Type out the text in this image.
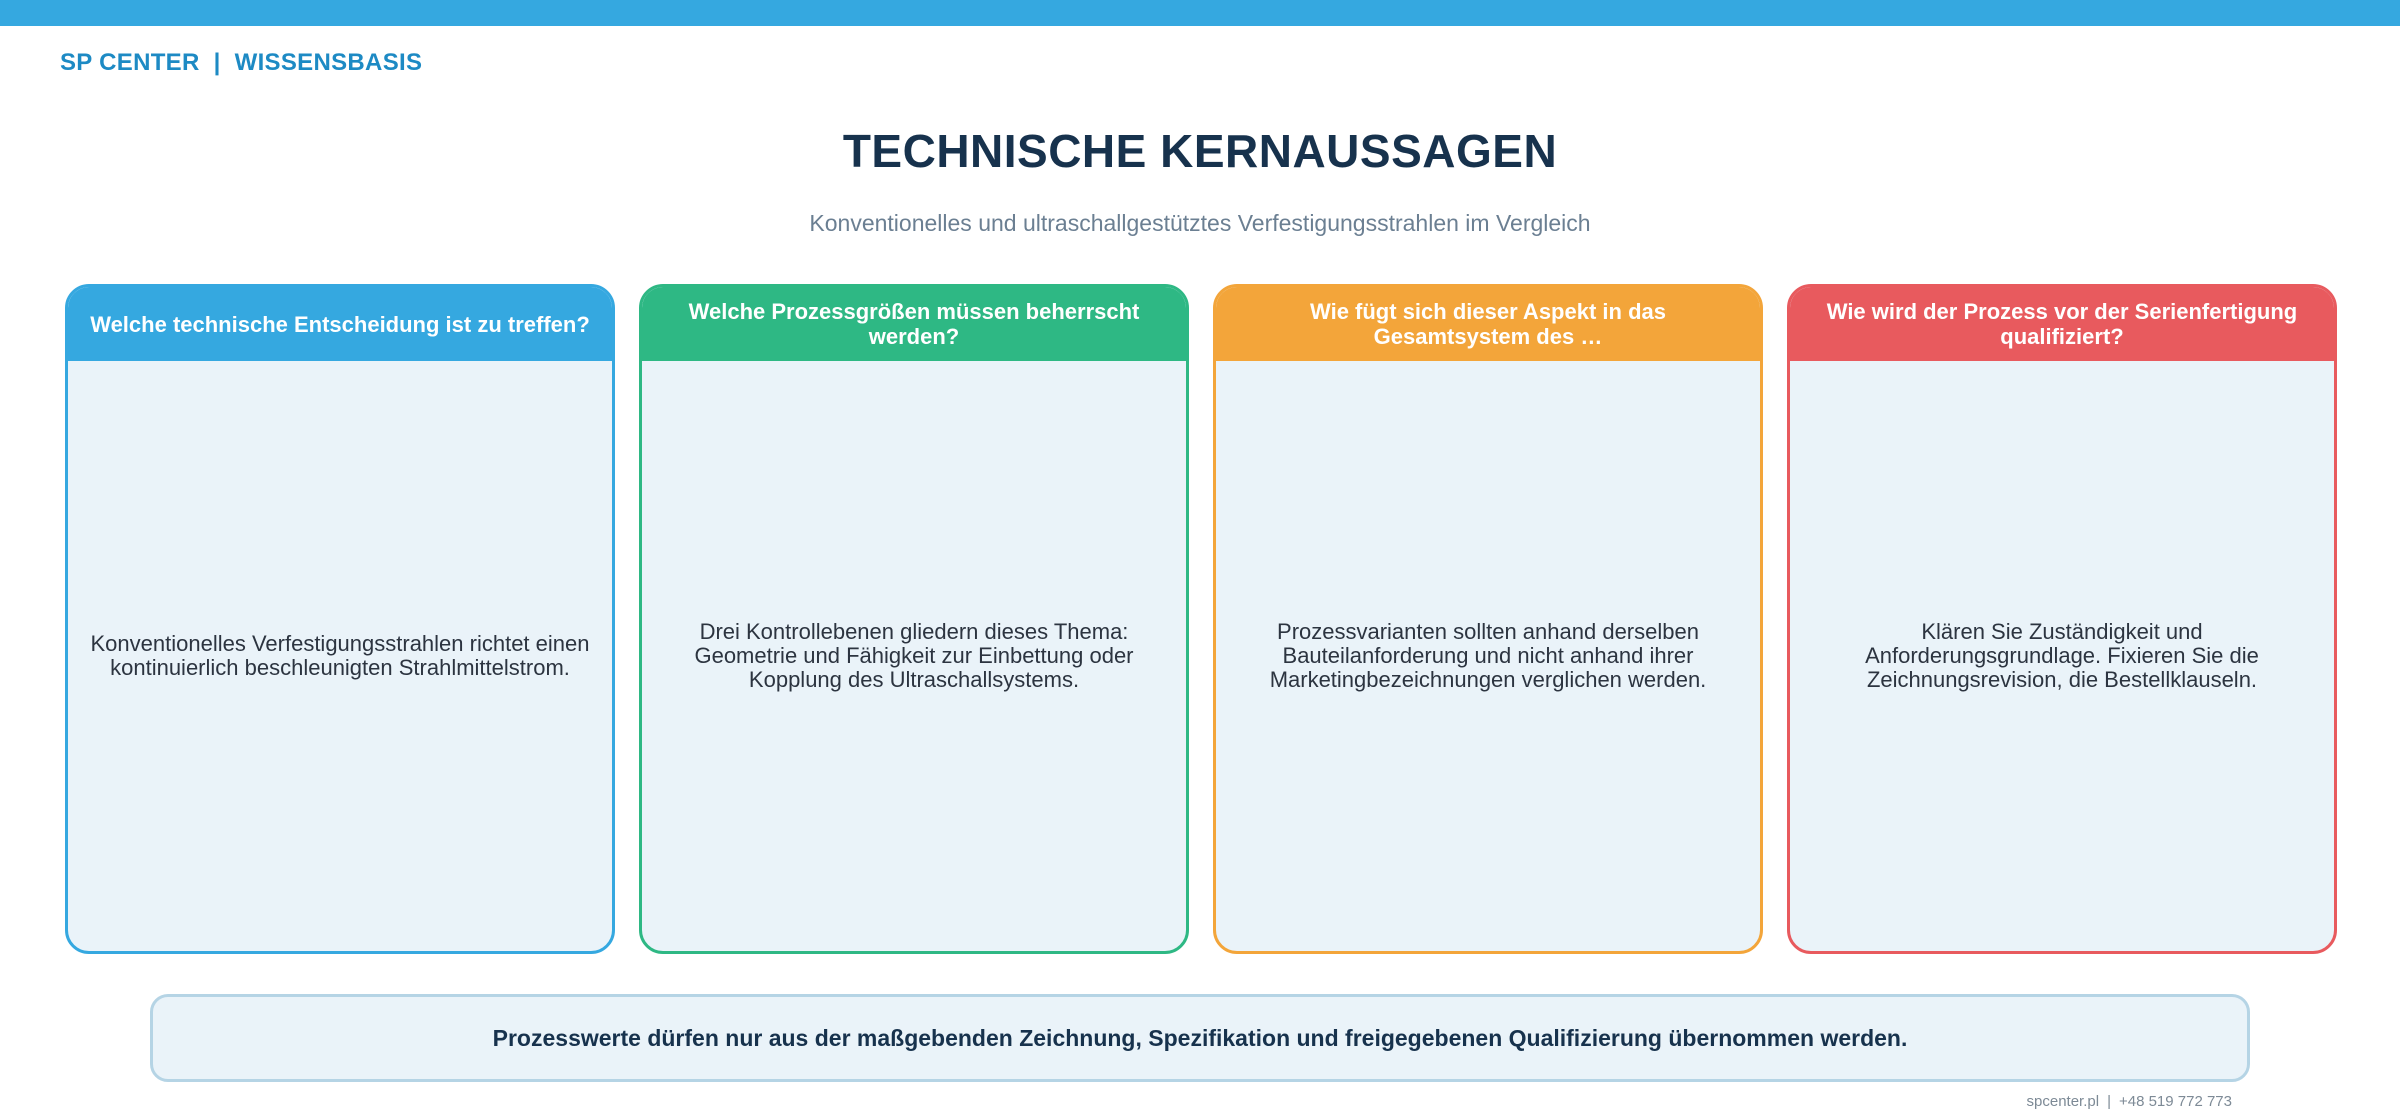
SP CENTER | WISSENSBASIS
TECHNISCHE KERNAUSSAGEN
Konventionelles und ultraschallgestütztes Verfestigungsstrahlen im Vergleich
Welche technische Entscheidung ist zu treffen?
Konventionelles Verfestigungsstrahlen richtet einen kontinuierlich beschleunigten Strahlmittelstrom.
Welche Prozessgrößen müssen beherrscht werden?
Drei Kontrollebenen gliedern dieses Thema: Geometrie und Fähigkeit zur Einbettung oder Kopplung des Ultraschallsystems.
Wie fügt sich dieser Aspekt in das Gesamtsystem des …
Prozessvarianten sollten anhand derselben Bauteilanforderung und nicht anhand ihrer Marketingbezeichnungen verglichen werden.
Wie wird der Prozess vor der Serienfertigung qualifiziert?
Klären Sie Zuständigkeit und Anforderungsgrundlage. Fixieren Sie die Zeichnungsrevision, die Bestellklauseln.
Prozesswerte dürfen nur aus der maßgebenden Zeichnung, Spezifikation und freigegebenen Qualifizierung übernommen werden.
spcenter.pl | +48 519 772 773
